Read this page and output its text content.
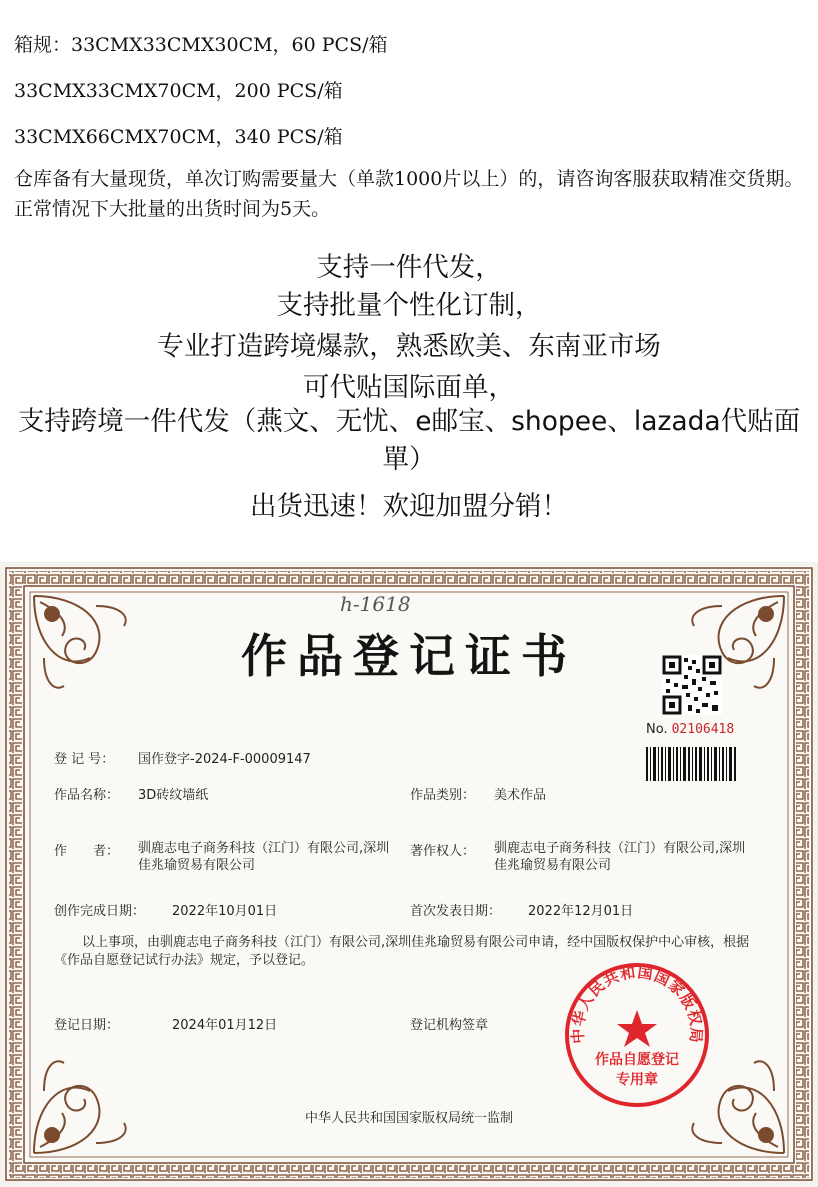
箱规：33CMX33CMX30CM，60 PCS/箱
33CMX33CMX70CM，200 PCS/箱
33CMX66CMX70CM，340 PCS/箱
仓库备有大量现货，单次订购需要量大（单款1000片以上）的，请咨询客服获取精准交货期。正常情况下大批量的出货时间为5天。
支持一件代发，
支持批量个性化订制，
专业打造跨境爆款，熟悉欧美、东南亚市场
可代贴国际面单，
支持跨境一件代发（燕文、无忧、e邮宝、shopee、lazada代贴面單）
出货迅速！欢迎加盟分销！
h-1618
作品登记证书
No. 02106418
登 记 号： 国作登字-2024-F-00009147
作品名称： 3D砖纹墙纸	作品类别： 美术作品
作　　者： 驯鹿志电子商务科技（江门）有限公司,深圳佳兆瑜贸易有限公司
著作权人： 驯鹿志电子商务科技（江门）有限公司,深圳佳兆瑜贸易有限公司
创作完成日期： 2022年10月01日	首次发表日期： 2022年12月01日
以上事项，由驯鹿志电子商务科技（江门）有限公司,深圳佳兆瑜贸易有限公司申请，经中国版权保护中心审核，根据《作品自愿登记试行办法》规定，予以登记。
登记日期：	2024年01月12日	登记机构签章
中华人民共和国国家版权局
作品自愿登记
专用章
中华人民共和国国家版权局统一监制
